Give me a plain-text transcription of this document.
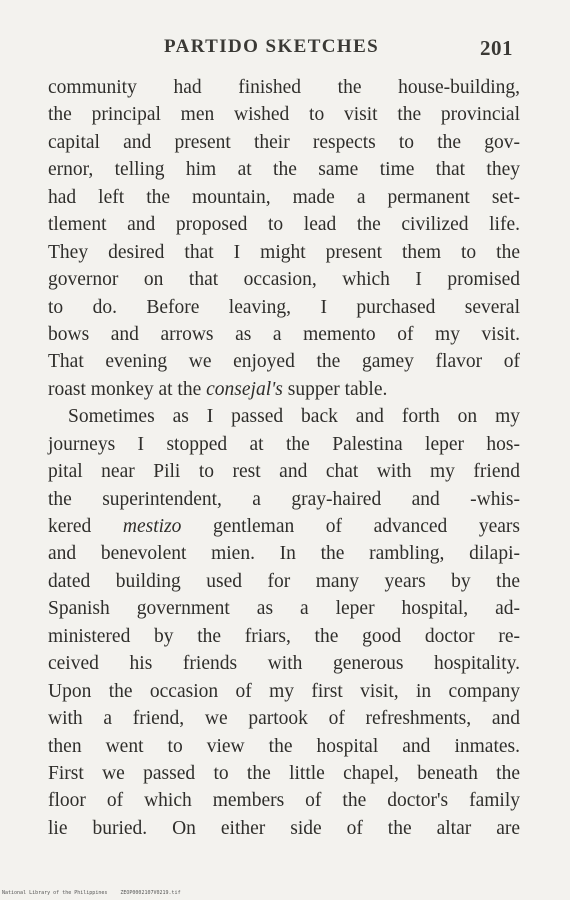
PARTIDO SKETCHES	201
community had finished the house-building,
the principal men wished to visit the provincial
capital and present their respects to the gov-
ernor, telling him at the same time that they
had left the mountain, made a permanent set-
tlement and proposed to lead the civilized life.
They desired that I might present them to the
governor on that occasion, which I promised
to do. Before leaving, I purchased several
bows and arrows as a memento of my visit.
That evening we enjoyed the gamey flavor of
roast monkey at the consejal's supper table.
Sometimes as I passed back and forth on my
journeys I stopped at the Palestina leper hos-
pital near Pili to rest and chat with my friend
the superintendent, a gray-haired and -whis-
kered mestizo gentleman of advanced years
and benevolent mien. In the rambling, dilapi-
dated building used for many years by the
Spanish government as a leper hospital, ad-
ministered by the friars, the good doctor re-
ceived his friends with generous hospitality.
Upon the occasion of my first visit, in company
with a friend, we partook of refreshments, and
then went to view the hospital and inmates.
First we passed to the little chapel, beneath the
floor of which members of the doctor's family
lie buried. On either side of the altar are
National Library of the Philippines	ZEOP0002107V0219.tif
